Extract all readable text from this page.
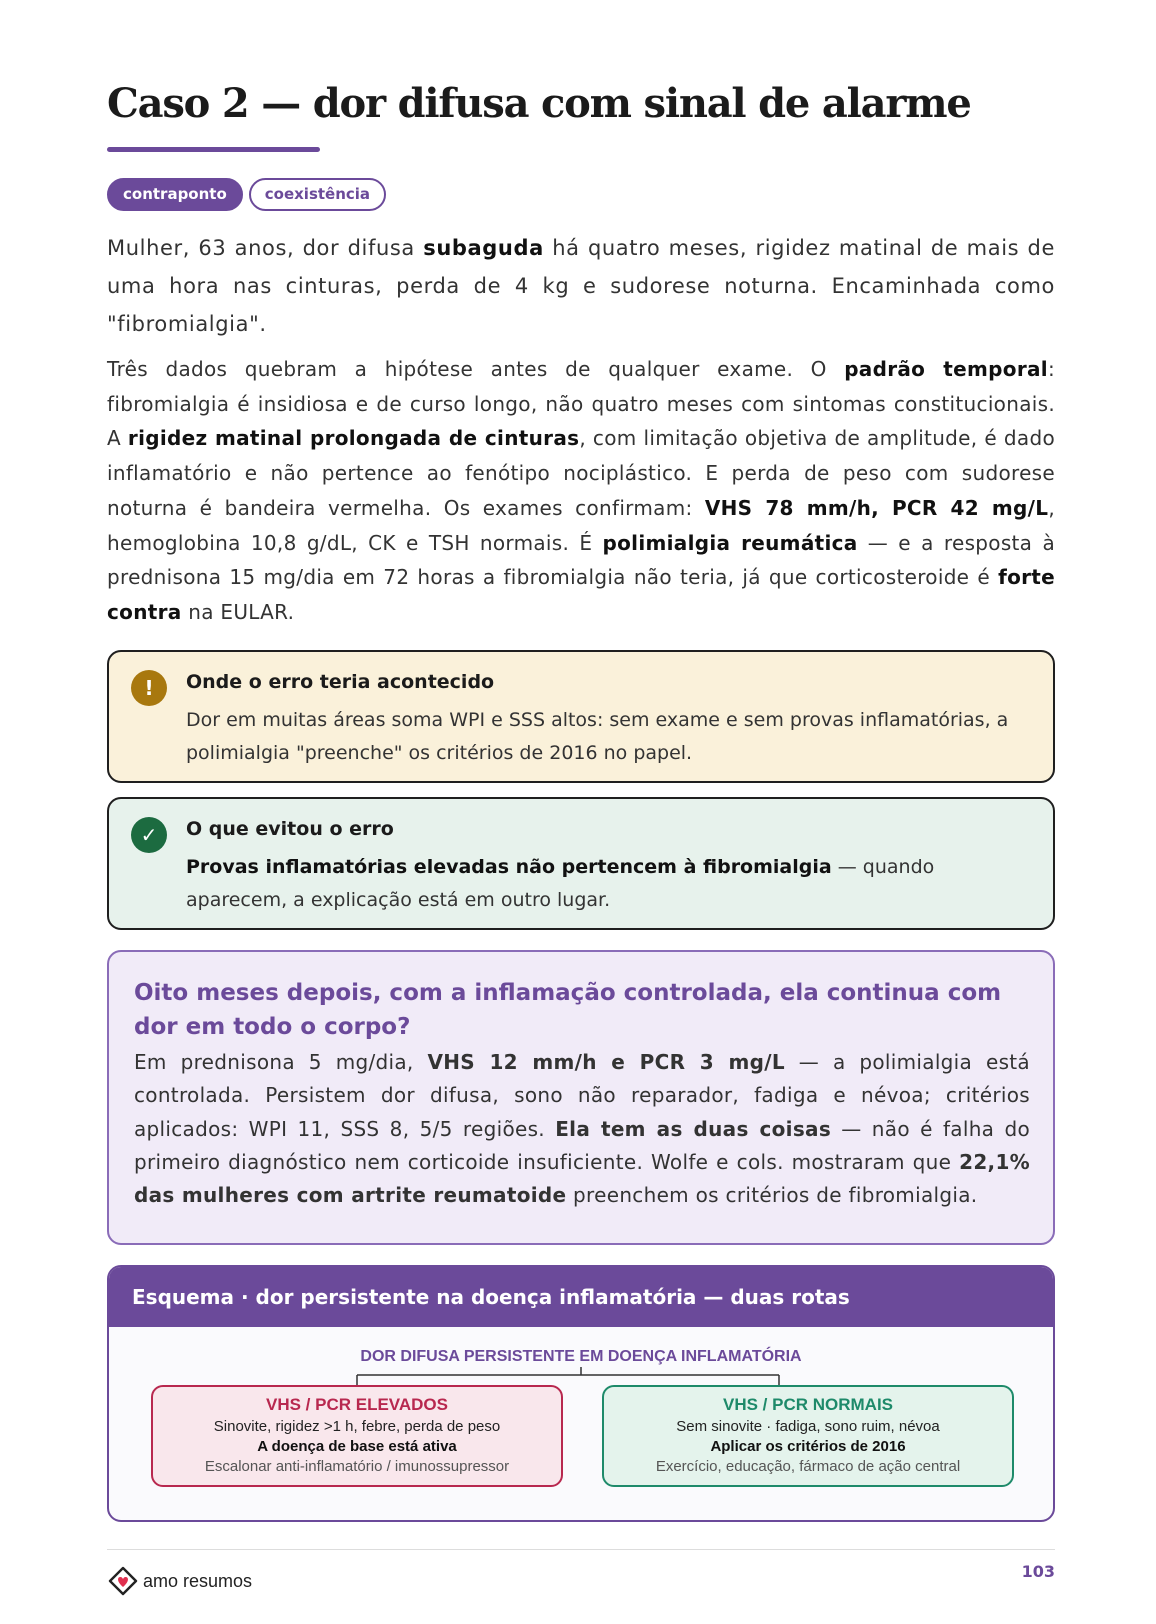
Caso 2 — dor difusa com sinal de alarme
contraponto	coexistência

Mulher, 63 anos, dor difusa subaguda há quatro meses, rigidez matinal de mais de uma hora nas cinturas, perda de 4 kg e sudorese noturna. Encaminhada como "fibromialgia".

Três dados quebram a hipótese antes de qualquer exame. O padrão temporal: fibromialgia é insidiosa e de curso longo, não quatro meses com sintomas constitucionais. A rigidez matinal prolongada de cinturas, com limitação objetiva de amplitude, é dado inflamatório e não pertence ao fenótipo nociplástico. E perda de peso com sudorese noturna é bandeira vermelha. Os exames confirmam: VHS 78 mm/h, PCR 42 mg/L, hemoglobina 10,8 g/dL, CK e TSH normais. É polimialgia reumática — e a resposta à prednisona 15 mg/dia em 72 horas a fibromialgia não teria, já que corticosteroide é forte contra na EULAR.

!	Onde o erro teria acontecido

Dor em muitas áreas soma WPI e SSS altos: sem exame e sem provas inflamatórias, a polimialgia "preenche" os critérios de 2016 no papel.

✓	O que evitou o erro

Provas inflamatórias elevadas não pertencem à fibromialgia — quando aparecem, a explicação está em outro lugar.

Oito meses depois, com a inflamação controlada, ela continua com dor em todo o corpo?

Em prednisona 5 mg/dia, VHS 12 mm/h e PCR 3 mg/L — a polimialgia está controlada. Persistem dor difusa, sono não reparador, fadiga e névoa; critérios aplicados: WPI 11, SSS 8, 5/5 regiões. Ela tem as duas coisas — não é falha do primeiro diagnóstico nem corticoide insuficiente. Wolfe e cols. mostraram que 22,1% das mulheres com artrite reumatoide preenchem os critérios de fibromialgia.

Esquema · dor persistente na doença inflamatória — duas rotas
DOR DIFUSA PERSISTENTE EM DOENÇA INFLAMATÓRIA
VHS / PCR ELEVADOS
Sinovite, rigidez >1 h, febre, perda de peso
A doença de base está ativa
Escalonar anti-inflamatório / imunossupressor
VHS / PCR NORMAIS
Sem sinovite · fadiga, sono ruim, névoa
Aplicar os critérios de 2016
Exercício, educação, fármaco de ação central
amo resumos	103
